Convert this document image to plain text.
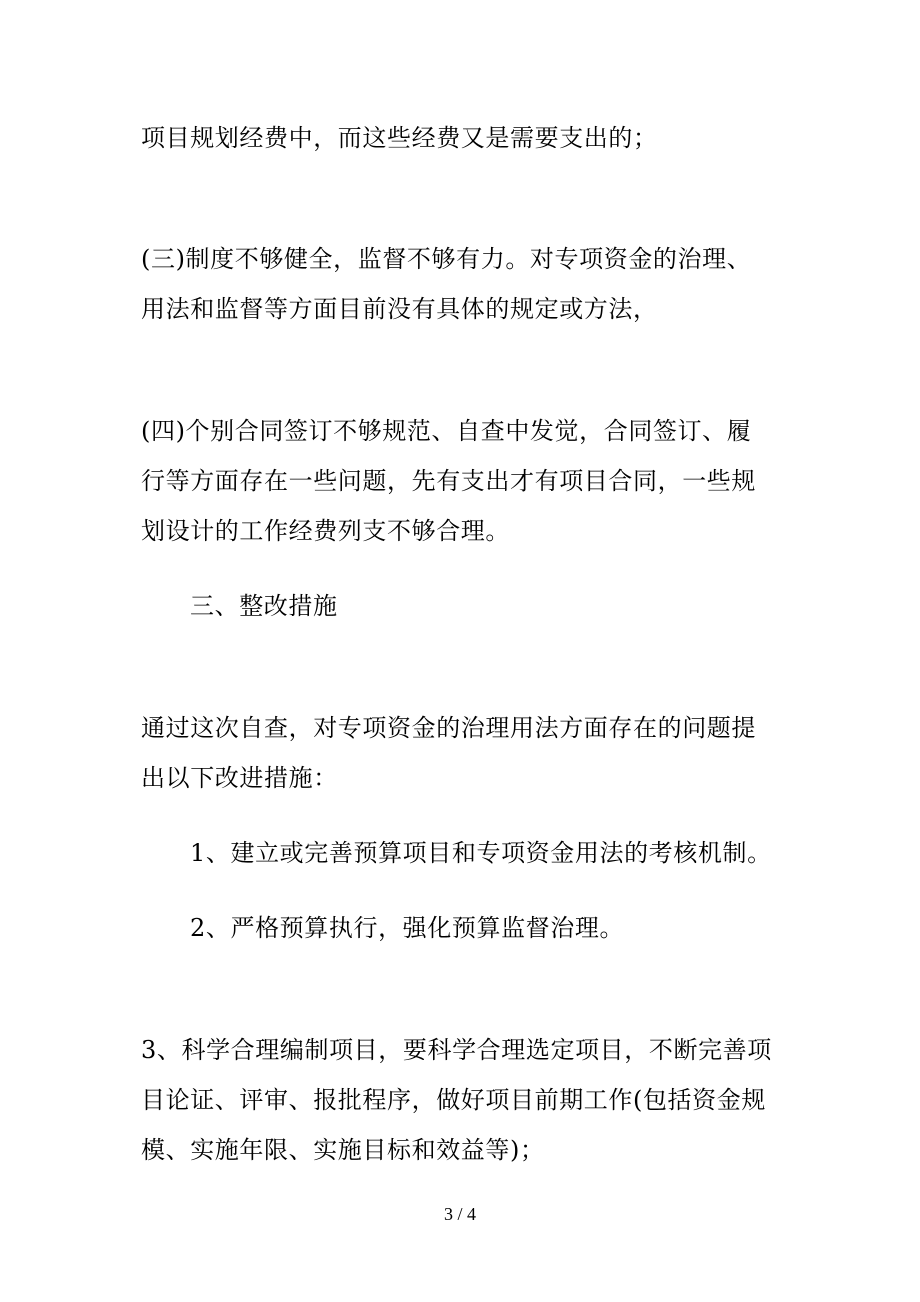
项目规划经费中，而这些经费又是需要支出的；

(三)制度不够健全，监督不够有力。对专项资金的治理、

用法和监督等方面目前没有具体的规定或方法，

(四)个别合同签订不够规范、自查中发觉，合同签订、履

行等方面存在一些问题，先有支出才有项目合同，一些规

划设计的工作经费列支不够合理。

三、整改措施

通过这次自查，对专项资金的治理用法方面存在的问题提

出以下改进措施：

1、建立或完善预算项目和专项资金用法的考核机制。

2、严格预算执行，强化预算监督治理。

3、科学合理编制项目，要科学合理选定项目，不断完善项

目论证、评审、报批程序，做好项目前期工作(包括资金规

模、实施年限、实施目标和效益等)；

3 / 4
